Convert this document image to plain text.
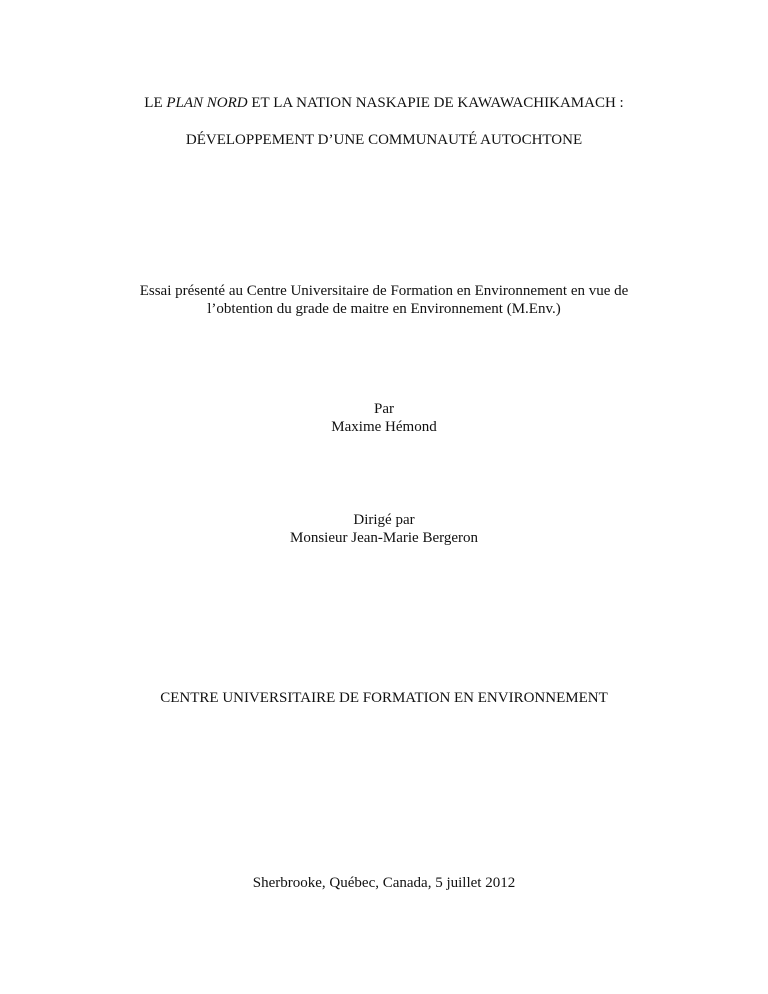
LE PLAN NORD ET LA NATION NASKAPIE DE KAWAWACHIKAMACH :
DÉVELOPPEMENT D’UNE COMMUNAUTÉ AUTOCHTONE
Essai présenté au Centre Universitaire de Formation en Environnement en vue de
l’obtention du grade de maitre en Environnement (M.Env.)
Par
Maxime Hémond
Dirigé par
Monsieur Jean-Marie Bergeron
CENTRE UNIVERSITAIRE DE FORMATION EN ENVIRONNEMENT
Sherbrooke, Québec, Canada, 5 juillet 2012
